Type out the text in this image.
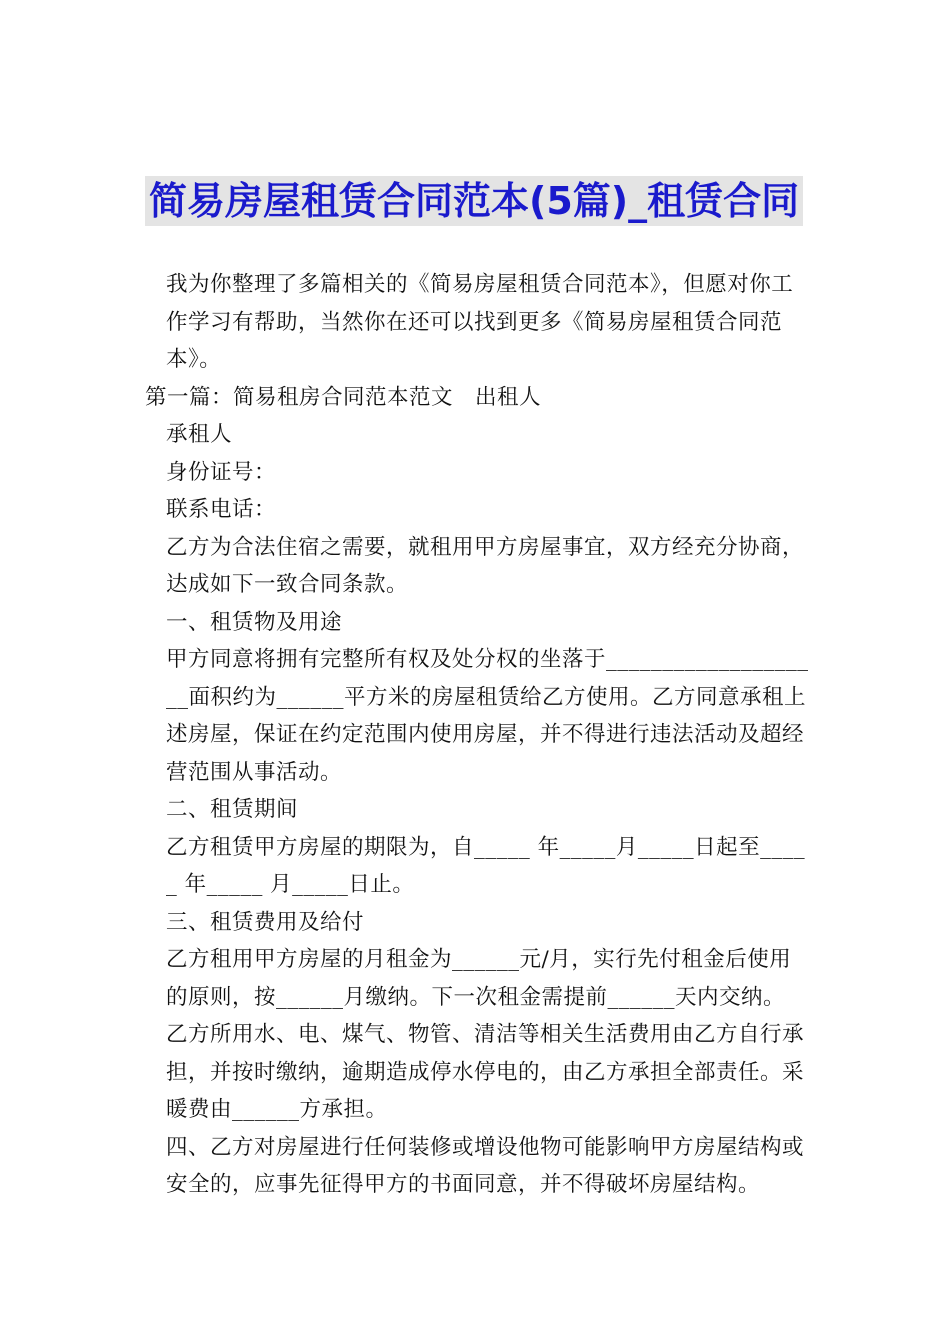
简易房屋租赁合同范本(5篇)_租赁合同

我为你整理了多篇相关的《简易房屋租赁合同范本》，但愿对你工作学习有帮助，当然你在还可以找到更多《简易房屋租赁合同范本》。

第一篇：简易租房合同范本范文　出租人

承租人

身份证号：

联系电话：

乙方为合法住宿之需要，就租用甲方房屋事宜，双方经充分协商，达成如下一致合同条款。

一、租赁物及用途

甲方同意将拥有完整所有权及处分权的坐落于____________________面积约为______平方米的房屋租赁给乙方使用。乙方同意承租上述房屋，保证在约定范围内使用房屋，并不得进行违法活动及超经营范围从事活动。

二、租赁期间

乙方租赁甲方房屋的期限为，自_____ 年_____月_____日起至_____ 年_____ 月_____日止。

三、租赁费用及给付

乙方租用甲方房屋的月租金为______元/月，实行先付租金后使用的原则，按______月缴纳。下一次租金需提前______天内交纳。

乙方所用水、电、煤气、物管、清洁等相关生活费用由乙方自行承担，并按时缴纳，逾期造成停水停电的，由乙方承担全部责任。采暖费由______方承担。

四、乙方对房屋进行任何装修或增设他物可能影响甲方房屋结构或安全的，应事先征得甲方的书面同意，并不得破坏房屋结构。
